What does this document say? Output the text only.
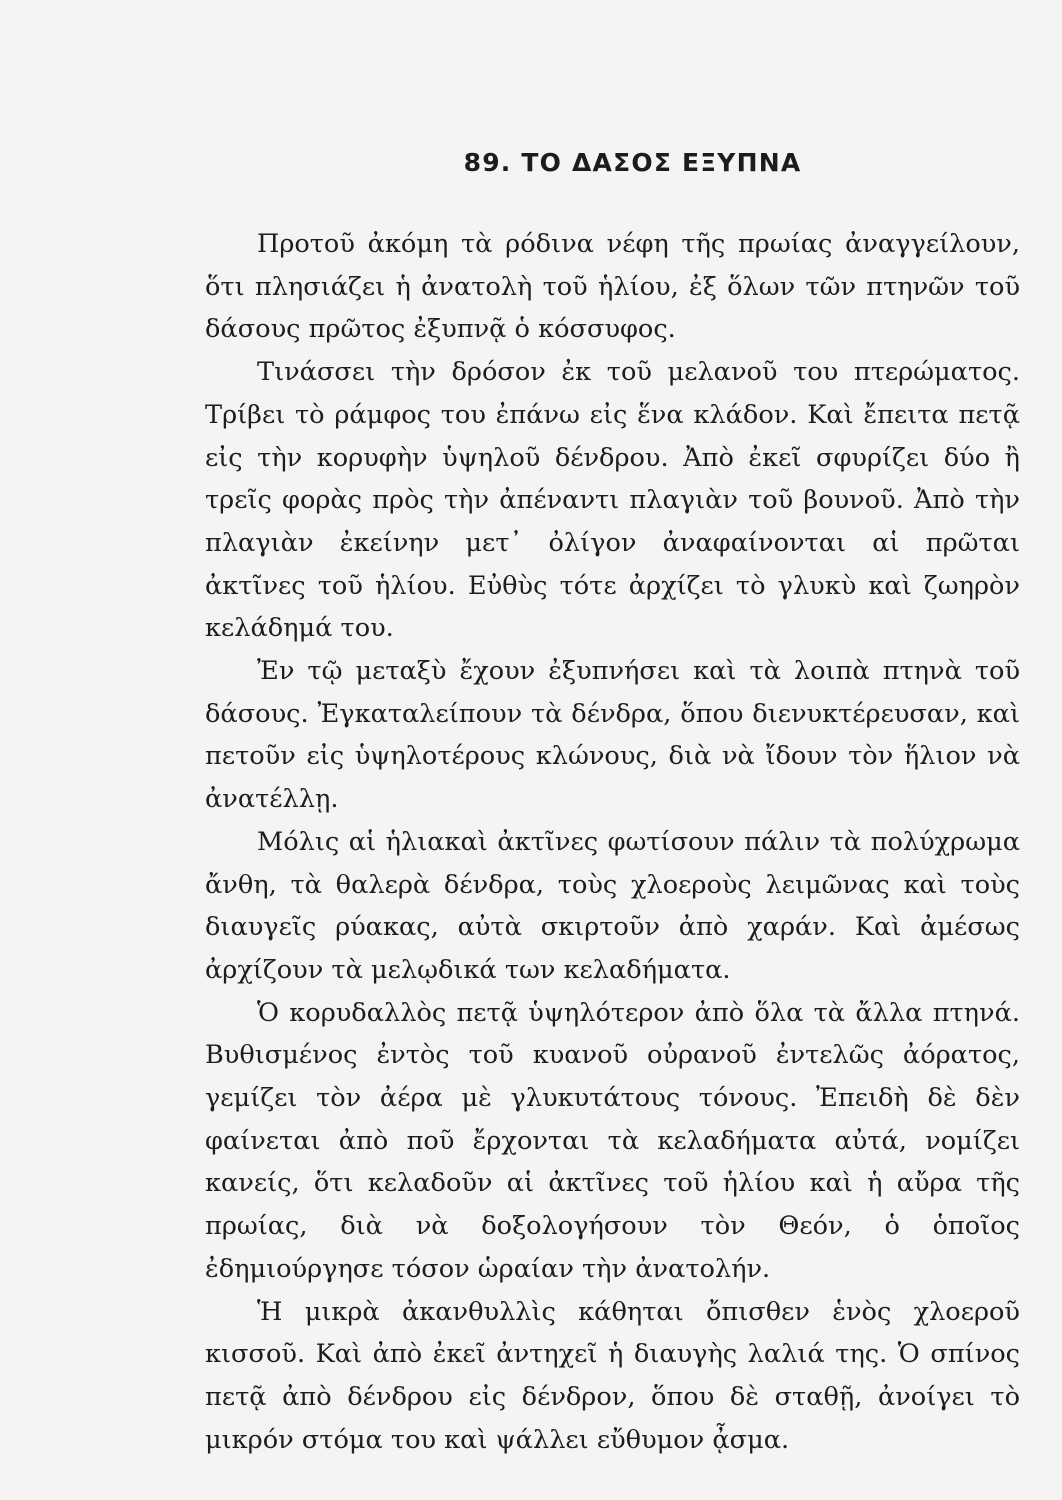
89. ΤΟ ΔΑΣΟΣ ΕΞΥΠΝΑ

Προτοῦ ἀκόμη τὰ ρόδινα νέφη τῆς πρωίας ἀναγγείλουν, ὅτι πλησιάζει ἡ ἀνατολὴ τοῦ ἡλίου, ἐξ ὅλων τῶν πτηνῶν τοῦ δάσους πρῶτος ἐξυπνᾷ ὁ κόσσυφος.

Τινάσσει τὴν δρόσον ἐκ τοῦ μελανοῦ του πτερώματος. Τρίβει τὸ ράμφος του ἐπάνω εἰς ἕνα κλάδον. Καὶ ἔπειτα πετᾷ εἰς τὴν κορυφὴν ὑψηλοῦ δένδρου. Ἀπὸ ἐκεῖ σφυρίζει δύο ἢ τρεῖς φορὰς πρὸς τὴν ἀπέναντι πλαγιὰν τοῦ βουνοῦ. Ἀπὸ τὴν πλαγιὰν ἐκείνην μετ᾽ ὀλίγον ἀναφαίνονται αἱ πρῶται ἀκτῖνες τοῦ ἡλίου. Εὐθὺς τότε ἀρχίζει τὸ γλυκὺ καὶ ζωηρὸν κελάδημά του.

Ἐν τῷ μεταξὺ ἔχουν ἐξυπνήσει καὶ τὰ λοιπὰ πτηνὰ τοῦ δάσους. Ἐγκαταλείπουν τὰ δένδρα, ὅπου διενυκτέρευσαν, καὶ πετοῦν εἰς ὑψηλοτέρους κλώνους, διὰ νὰ ἴδουν τὸν ἥλιον νὰ ἀνατέλλῃ.

Μόλις αἱ ἡλιακαὶ ἀκτῖνες φωτίσουν πάλιν τὰ πολύχρωμα ἄνθη, τὰ θαλερὰ δένδρα, τοὺς χλοεροὺς λειμῶνας καὶ τοὺς διαυγεῖς ρύακας, αὐτὰ σκιρτοῦν ἀπὸ χαράν. Καὶ ἀμέσως ἀρχίζουν τὰ μελῳδικά των κελαδήματα.

Ὁ κορυδαλλὸς πετᾷ ὑψηλότερον ἀπὸ ὅλα τὰ ἄλλα πτηνά. Βυθισμένος ἐντὸς τοῦ κυανοῦ οὐρανοῦ ἐντελῶς ἀόρατος, γεμίζει τὸν ἀέρα μὲ γλυκυτάτους τόνους. Ἐπειδὴ δὲ δὲν φαίνεται ἀπὸ ποῦ ἔρχονται τὰ κελαδήματα αὐτά, νομίζει κανείς, ὅτι κελαδοῦν αἱ ἀκτῖνες τοῦ ἡλίου καὶ ἡ αὔρα τῆς πρωίας, διὰ νὰ δοξολογήσουν τὸν Θεόν, ὁ ὁποῖος ἐδημιούργησε τόσον ὡραίαν τὴν ἀνατολήν.

Ἡ μικρὰ ἀκανθυλλὶς κάθηται ὄπισθεν ἑνὸς χλοεροῦ κισσοῦ. Καὶ ἀπὸ ἐκεῖ ἀντηχεῖ ἡ διαυγὴς λαλιά της. Ὁ σπίνος πετᾷ ἀπὸ δένδρου εἰς δένδρον, ὅπου δὲ σταθῇ, ἀνοίγει τὸ μικρόν στόμα του καὶ ψάλλει εὔθυμον ᾆσμα.
